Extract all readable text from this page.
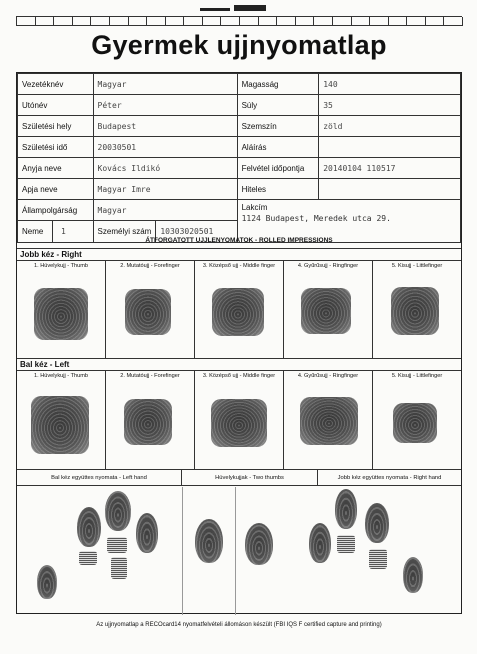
Gyermek ujjnyomatlap
Vezetéknév	Magyar		Magasság	140
Utónév	Péter		Súly	35
Születési hely	Budapest		Szemszín	zöld
Születési idő	20030501		Aláírás	
Anyja neve	Kovács Ildikó		Felvétel időpontja	20140104 110517
Apja neve	Magyar Imre		Hiteles	
Állampolgárság	Magyar		Lakcím
1124 Budapest, Meredek utca 29.	

Neme 1	Személyi szám	10303020501		
ÁTFORGATOTT UJJLENYOMATOK - ROLLED IMPRESSIONS
Jobb kéz - Right
1. Hüvelykujj - Thumb	2. Mutatóujj - Forefinger	3. Középső ujj - Middle finger	4. Gyűrűsujj - Ringfinger	5. Kisujj - Littlefinger
Bal kéz - Left
1. Hüvelykujj - Thumb	2. Mutatóujj - Forefinger	3. Középső ujj - Middle finger	4. Gyűrűsujj - Ringfinger	5. Kisujj - Littlefinger
Bal kéz együttes nyomata - Left hand	Hüvelykujjak - Two thumbs	Jobb kéz együttes nyomata - Right hand
Az ujjnyomatlap a RECOcard14 nyomatfelvételi állomáson készült (FBI IQS F certified capture and printing)
